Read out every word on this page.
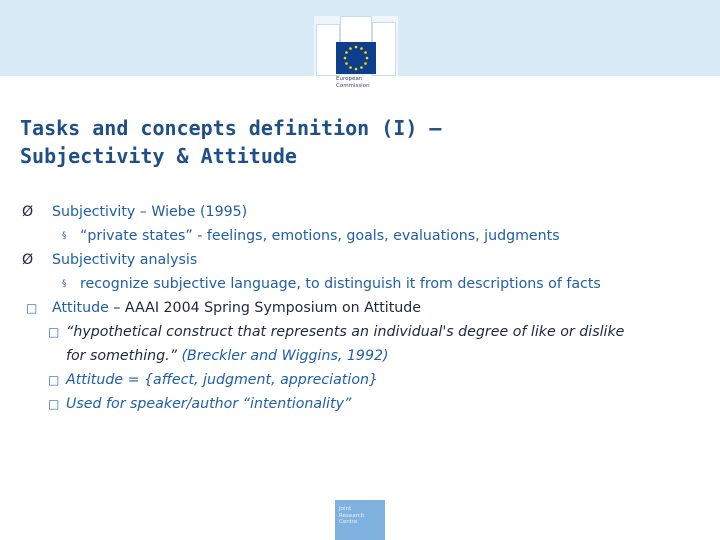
European
Commission
Tasks and concepts definition (I) –
Subjectivity & Attitude
Ø Subjectivity – Wiebe (1995)
§ “private states” - feelings, emotions, goals, evaluations, judgments
Ø Subjectivity analysis
§ recognize subjective language, to distinguish it from descriptions of facts
□ Attitude – AAAI 2004 Spring Symposium on Attitude
□ “hypothetical construct that represents an individual's degree of like or dislike
for something.” (Breckler and Wiggins, 1992)
□ Attitude = {affect, judgment, appreciation}
□ Used for speaker/author “intentionality”
Joint
Research
Centre
